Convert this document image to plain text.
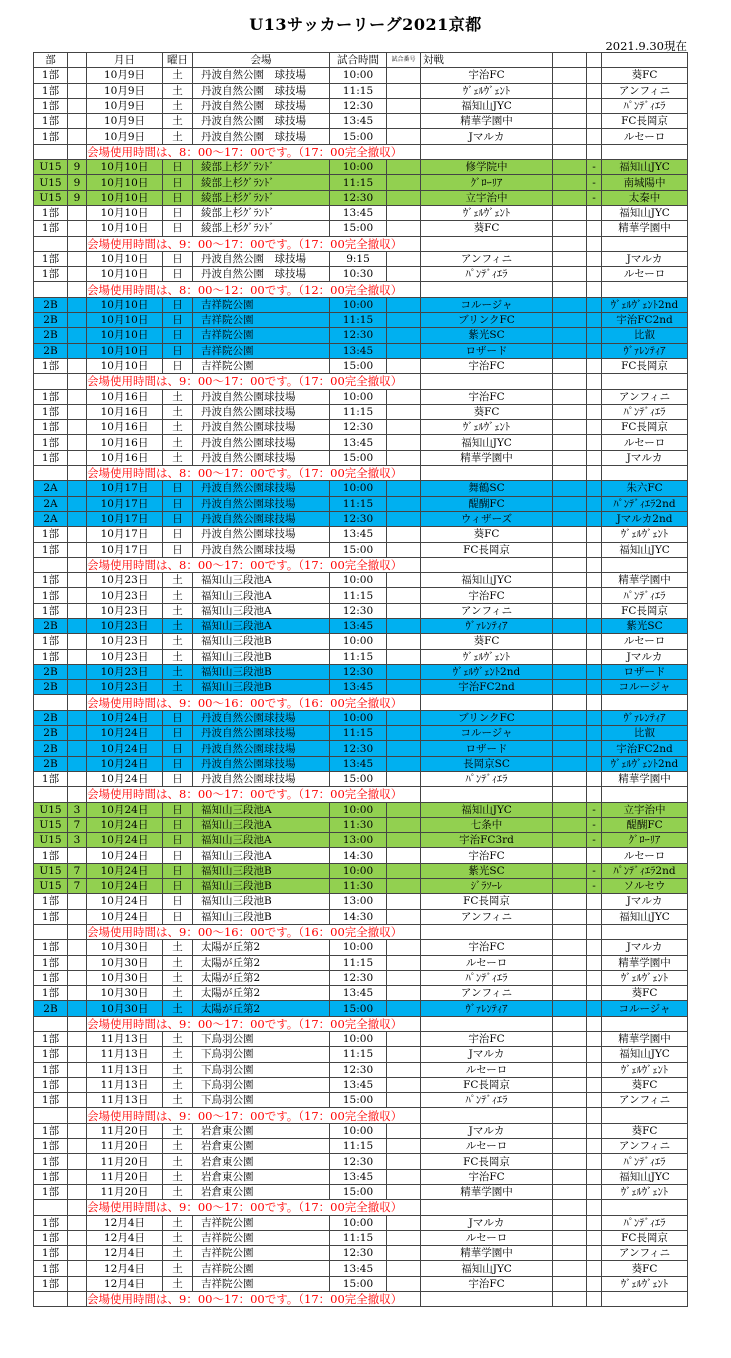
U13サッカーリーグ2021京都
2021.9.30現在
部		月日	曜日	会場	試合時間	試合番号	対戦			
1部		10月9日	土	丹波自然公園　球技場	10:00		宇治FC			葵FC
1部		10月9日	土	丹波自然公園　球技場	11:15		ｳﾞｪﾙｳﾞｪﾝﾄ			アンフィニ
1部		10月9日	土	丹波自然公園　球技場	12:30		福知山JYC			ﾊﾟﾝﾃﾞｨｴﾗ
1部		10月9日	土	丹波自然公園　球技場	13:45		精華学園中			FC長岡京
1部		10月9日	土	丹波自然公園　球技場	15:00		Jマルカ			ルセーロ
		会場使用時間は、8：00～17：00です。（17：00完全撤収）								
U15	9	10月10日	日	綾部上杉ｸﾞﾗﾝﾄﾞ	10:00		修学院中		-	福知山JYC
U15	9	10月10日	日	綾部上杉ｸﾞﾗﾝﾄﾞ	11:15		ｸﾞﾛｰﾘｱ		-	南城陽中
U15	9	10月10日	日	綾部上杉ｸﾞﾗﾝﾄﾞ	12:30		立宇治中		-	太秦中
1部		10月10日	日	綾部上杉ｸﾞﾗﾝﾄﾞ	13:45		ｳﾞｪﾙｳﾞｪﾝﾄ			福知山JYC
1部		10月10日	日	綾部上杉ｸﾞﾗﾝﾄﾞ	15:00		葵FC			精華学園中
		会場使用時間は、9：00～17：00です。（17：00完全撤収）								
1部		10月10日	日	丹波自然公園　球技場	9:15		アンフィニ			Jマルカ
1部		10月10日	日	丹波自然公園　球技場	10:30		ﾊﾟﾝﾃﾞｨｴﾗ			ルセーロ
		会場使用時間は、8：00～12：00です。（12：00完全撤収）								
2B		10月10日	日	吉祥院公園	10:00		コルージャ			ｳﾞｪﾙｳﾞｪﾝﾄ2nd
2B		10月10日	日	吉祥院公園	11:15		ブリンクFC			宇治FC2nd
2B		10月10日	日	吉祥院公園	12:30		紫光SC			比叡
2B		10月10日	日	吉祥院公園	13:45		ロザード			ｳﾞｧﾚﾝﾃｨｱ
1部		10月10日	日	吉祥院公園	15:00		宇治FC			FC長岡京
		会場使用時間は、9：00～17：00です。（17：00完全撤収）								
1部		10月16日	土	丹波自然公園球技場	10:00		宇治FC			アンフィニ
1部		10月16日	土	丹波自然公園球技場	11:15		葵FC			ﾊﾟﾝﾃﾞｨｴﾗ
1部		10月16日	土	丹波自然公園球技場	12:30		ｳﾞｪﾙｳﾞｪﾝﾄ			FC長岡京
1部		10月16日	土	丹波自然公園球技場	13:45		福知山JYC			ルセーロ
1部		10月16日	土	丹波自然公園球技場	15:00		精華学園中			Jマルカ
		会場使用時間は、8：00～17：00です。（17：00完全撤収）								
2A		10月17日	日	丹波自然公園球技場	10:00		舞鶴SC			朱六FC
2A		10月17日	日	丹波自然公園球技場	11:15		醍醐FC			ﾊﾟﾝﾃﾞｨｴﾗ2nd
2A		10月17日	日	丹波自然公園球技場	12:30		ウィザーズ			Jマルカ2nd
1部		10月17日	日	丹波自然公園球技場	13:45		葵FC			ｳﾞｪﾙｳﾞｪﾝﾄ
1部		10月17日	日	丹波自然公園球技場	15:00		FC長岡京			福知山JYC
		会場使用時間は、8：00～17：00です。（17：00完全撤収）								
1部		10月23日	土	福知山三段池A	10:00		福知山JYC			精華学園中
1部		10月23日	土	福知山三段池A	11:15		宇治FC			ﾊﾟﾝﾃﾞｨｴﾗ
1部		10月23日	土	福知山三段池A	12:30		アンフィニ			FC長岡京
2B		10月23日	土	福知山三段池A	13:45		ｳﾞｧﾚﾝﾃｨｱ			紫光SC
1部		10月23日	土	福知山三段池B	10:00		葵FC			ルセーロ
1部		10月23日	土	福知山三段池B	11:15		ｳﾞｪﾙｳﾞｪﾝﾄ			Jマルカ
2B		10月23日	土	福知山三段池B	12:30		ｳﾞｪﾙｳﾞｪﾝﾄ2nd			ロザード
2B		10月23日	土	福知山三段池B	13:45		宇治FC2nd			コルージャ
		会場使用時間は、9：00～16：00です。（16：00完全撤収）								
2B		10月24日	日	丹波自然公園球技場	10:00		ブリンクFC			ｳﾞｧﾚﾝﾃｨｱ
2B		10月24日	日	丹波自然公園球技場	11:15		コルージャ			比叡
2B		10月24日	日	丹波自然公園球技場	12:30		ロザード			宇治FC2nd
2B		10月24日	日	丹波自然公園球技場	13:45		長岡京SC			ｳﾞｪﾙｳﾞｪﾝﾄ2nd
1部		10月24日	日	丹波自然公園球技場	15:00		ﾊﾟﾝﾃﾞｨｴﾗ			精華学園中
		会場使用時間は、8：00～17：00です。（17：00完全撤収）								
U15	3	10月24日	日	福知山三段池A	10:00		福知山JYC		-	立宇治中
U15	7	10月24日	日	福知山三段池A	11:30		七条中		-	醍醐FC
U15	3	10月24日	日	福知山三段池A	13:00		宇治FC3rd		-	ｸﾞﾛｰﾘｱ
1部		10月24日	日	福知山三段池A	14:30		宇治FC			ルセーロ
U15	7	10月24日	日	福知山三段池B	10:00		紫光SC		-	ﾊﾟﾝﾃﾞｨｴﾗ2nd
U15	7	10月24日	日	福知山三段池B	11:30		ｼﾞﾗｿｰﾚ		-	ソルセウ
1部		10月24日	日	福知山三段池B	13:00		FC長岡京			Jマルカ
1部		10月24日	日	福知山三段池B	14:30		アンフィニ			福知山JYC
		会場使用時間は、9：00～16：00です。（16：00完全撤収）								
1部		10月30日	土	太陽が丘第2	10:00		宇治FC			Jマルカ
1部		10月30日	土	太陽が丘第2	11:15		ルセーロ			精華学園中
1部		10月30日	土	太陽が丘第2	12:30		ﾊﾟﾝﾃﾞｨｴﾗ			ｳﾞｪﾙｳﾞｪﾝﾄ
1部		10月30日	土	太陽が丘第2	13:45		アンフィニ			葵FC
2B		10月30日	土	太陽が丘第2	15:00		ｳﾞｧﾚﾝﾃｨｱ			コルージャ
		会場使用時間は、9：00～17：00です。（17：00完全撤収）								
1部		11月13日	土	下鳥羽公園	10:00		宇治FC			精華学園中
1部		11月13日	土	下鳥羽公園	11:15		Jマルカ			福知山JYC
1部		11月13日	土	下鳥羽公園	12:30		ルセーロ			ｳﾞｪﾙｳﾞｪﾝﾄ
1部		11月13日	土	下鳥羽公園	13:45		FC長岡京			葵FC
1部		11月13日	土	下鳥羽公園	15:00		ﾊﾟﾝﾃﾞｨｴﾗ			アンフィニ
		会場使用時間は、9：00～17：00です。（17：00完全撤収）								
1部		11月20日	土	岩倉東公園	10:00		Jマルカ			葵FC
1部		11月20日	土	岩倉東公園	11:15		ルセーロ			アンフィニ
1部		11月20日	土	岩倉東公園	12:30		FC長岡京			ﾊﾟﾝﾃﾞｨｴﾗ
1部		11月20日	土	岩倉東公園	13:45		宇治FC			福知山JYC
1部		11月20日	土	岩倉東公園	15:00		精華学園中			ｳﾞｪﾙｳﾞｪﾝﾄ
		会場使用時間は、9：00～17：00です。（17：00完全撤収）								
1部		12月4日	土	吉祥院公園	10:00		Jマルカ			ﾊﾟﾝﾃﾞｨｴﾗ
1部		12月4日	土	吉祥院公園	11:15		ルセーロ			FC長岡京
1部		12月4日	土	吉祥院公園	12:30		精華学園中			アンフィニ
1部		12月4日	土	吉祥院公園	13:45		福知山JYC			葵FC
1部		12月4日	土	吉祥院公園	15:00		宇治FC			ｳﾞｪﾙｳﾞｪﾝﾄ
		会場使用時間は、9：00～17：00です。（17：00完全撤収）								
